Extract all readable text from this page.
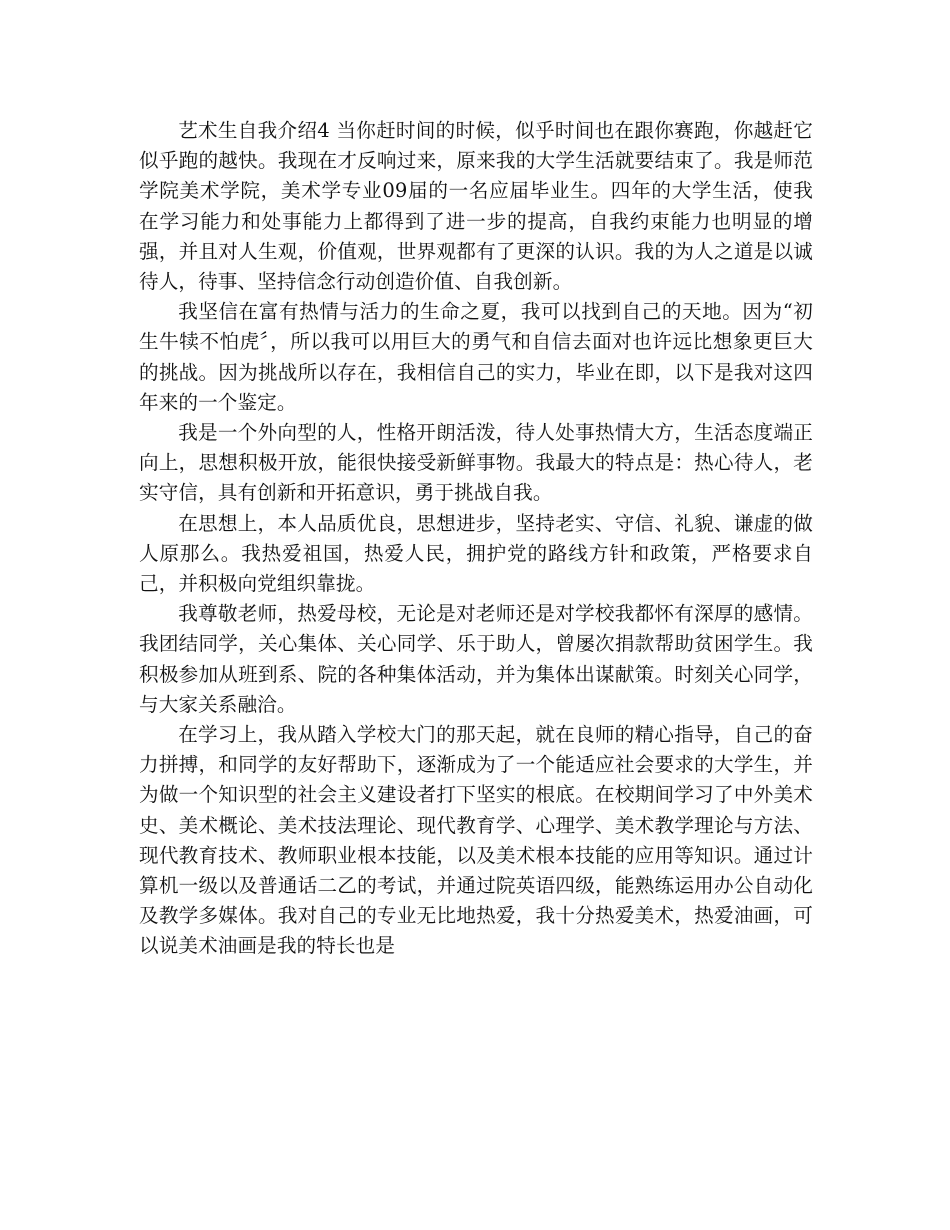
艺术生自我介绍4 当你赶时间的时候，似乎时间也在跟你赛跑，你越赶它似乎跑的越快。我现在才反响过来，原来我的大学生活就要结束了。我是师范学院美术学院，美术学专业09届的一名应届毕业生。四年的大学生活，使我在学习能力和处事能力上都得到了进一步的提高，自我约束能力也明显的增强，并且对人生观，价值观，世界观都有了更深的认识。我的为人之道是以诚待人，待事、坚持信念行动创造价值、自我创新。

我坚信在富有热情与活力的生命之夏，我可以找到自己的天地。因为“初生牛犊不怕虎〞，所以我可以用巨大的勇气和自信去面对也许远比想象更巨大的挑战。因为挑战所以存在，我相信自己的实力，毕业在即，以下是我对这四年来的一个鉴定。

我是一个外向型的人，性格开朗活泼，待人处事热情大方，生活态度端正向上，思想积极开放，能很快接受新鲜事物。我最大的特点是：热心待人，老实守信，具有创新和开拓意识，勇于挑战自我。

在思想上，本人品质优良，思想进步，坚持老实、守信、礼貌、谦虚的做人原那么。我热爱祖国，热爱人民，拥护党的路线方针和政策，严格要求自己，并积极向党组织靠拢。

我尊敬老师，热爱母校，无论是对老师还是对学校我都怀有深厚的感情。我团结同学，关心集体、关心同学、乐于助人，曾屡次捐款帮助贫困学生。我积极参加从班到系、院的各种集体活动，并为集体出谋献策。时刻关心同学，与大家关系融洽。

在学习上，我从踏入学校大门的那天起，就在良师的精心指导，自己的奋力拼搏，和同学的友好帮助下，逐渐成为了一个能适应社会要求的大学生，并为做一个知识型的社会主义建设者打下坚实的根底。在校期间学习了中外美术史、美术概论、美术技法理论、现代教育学、心理学、美术教学理论与方法、现代教育技术、教师职业根本技能，以及美术根本技能的应用等知识。通过计算机一级以及普通话二乙的考试，并通过院英语四级，能熟练运用办公自动化及教学多媒体。我对自己的专业无比地热爱，我十分热爱美术，热爱油画，可以说美术油画是我的特长也是
